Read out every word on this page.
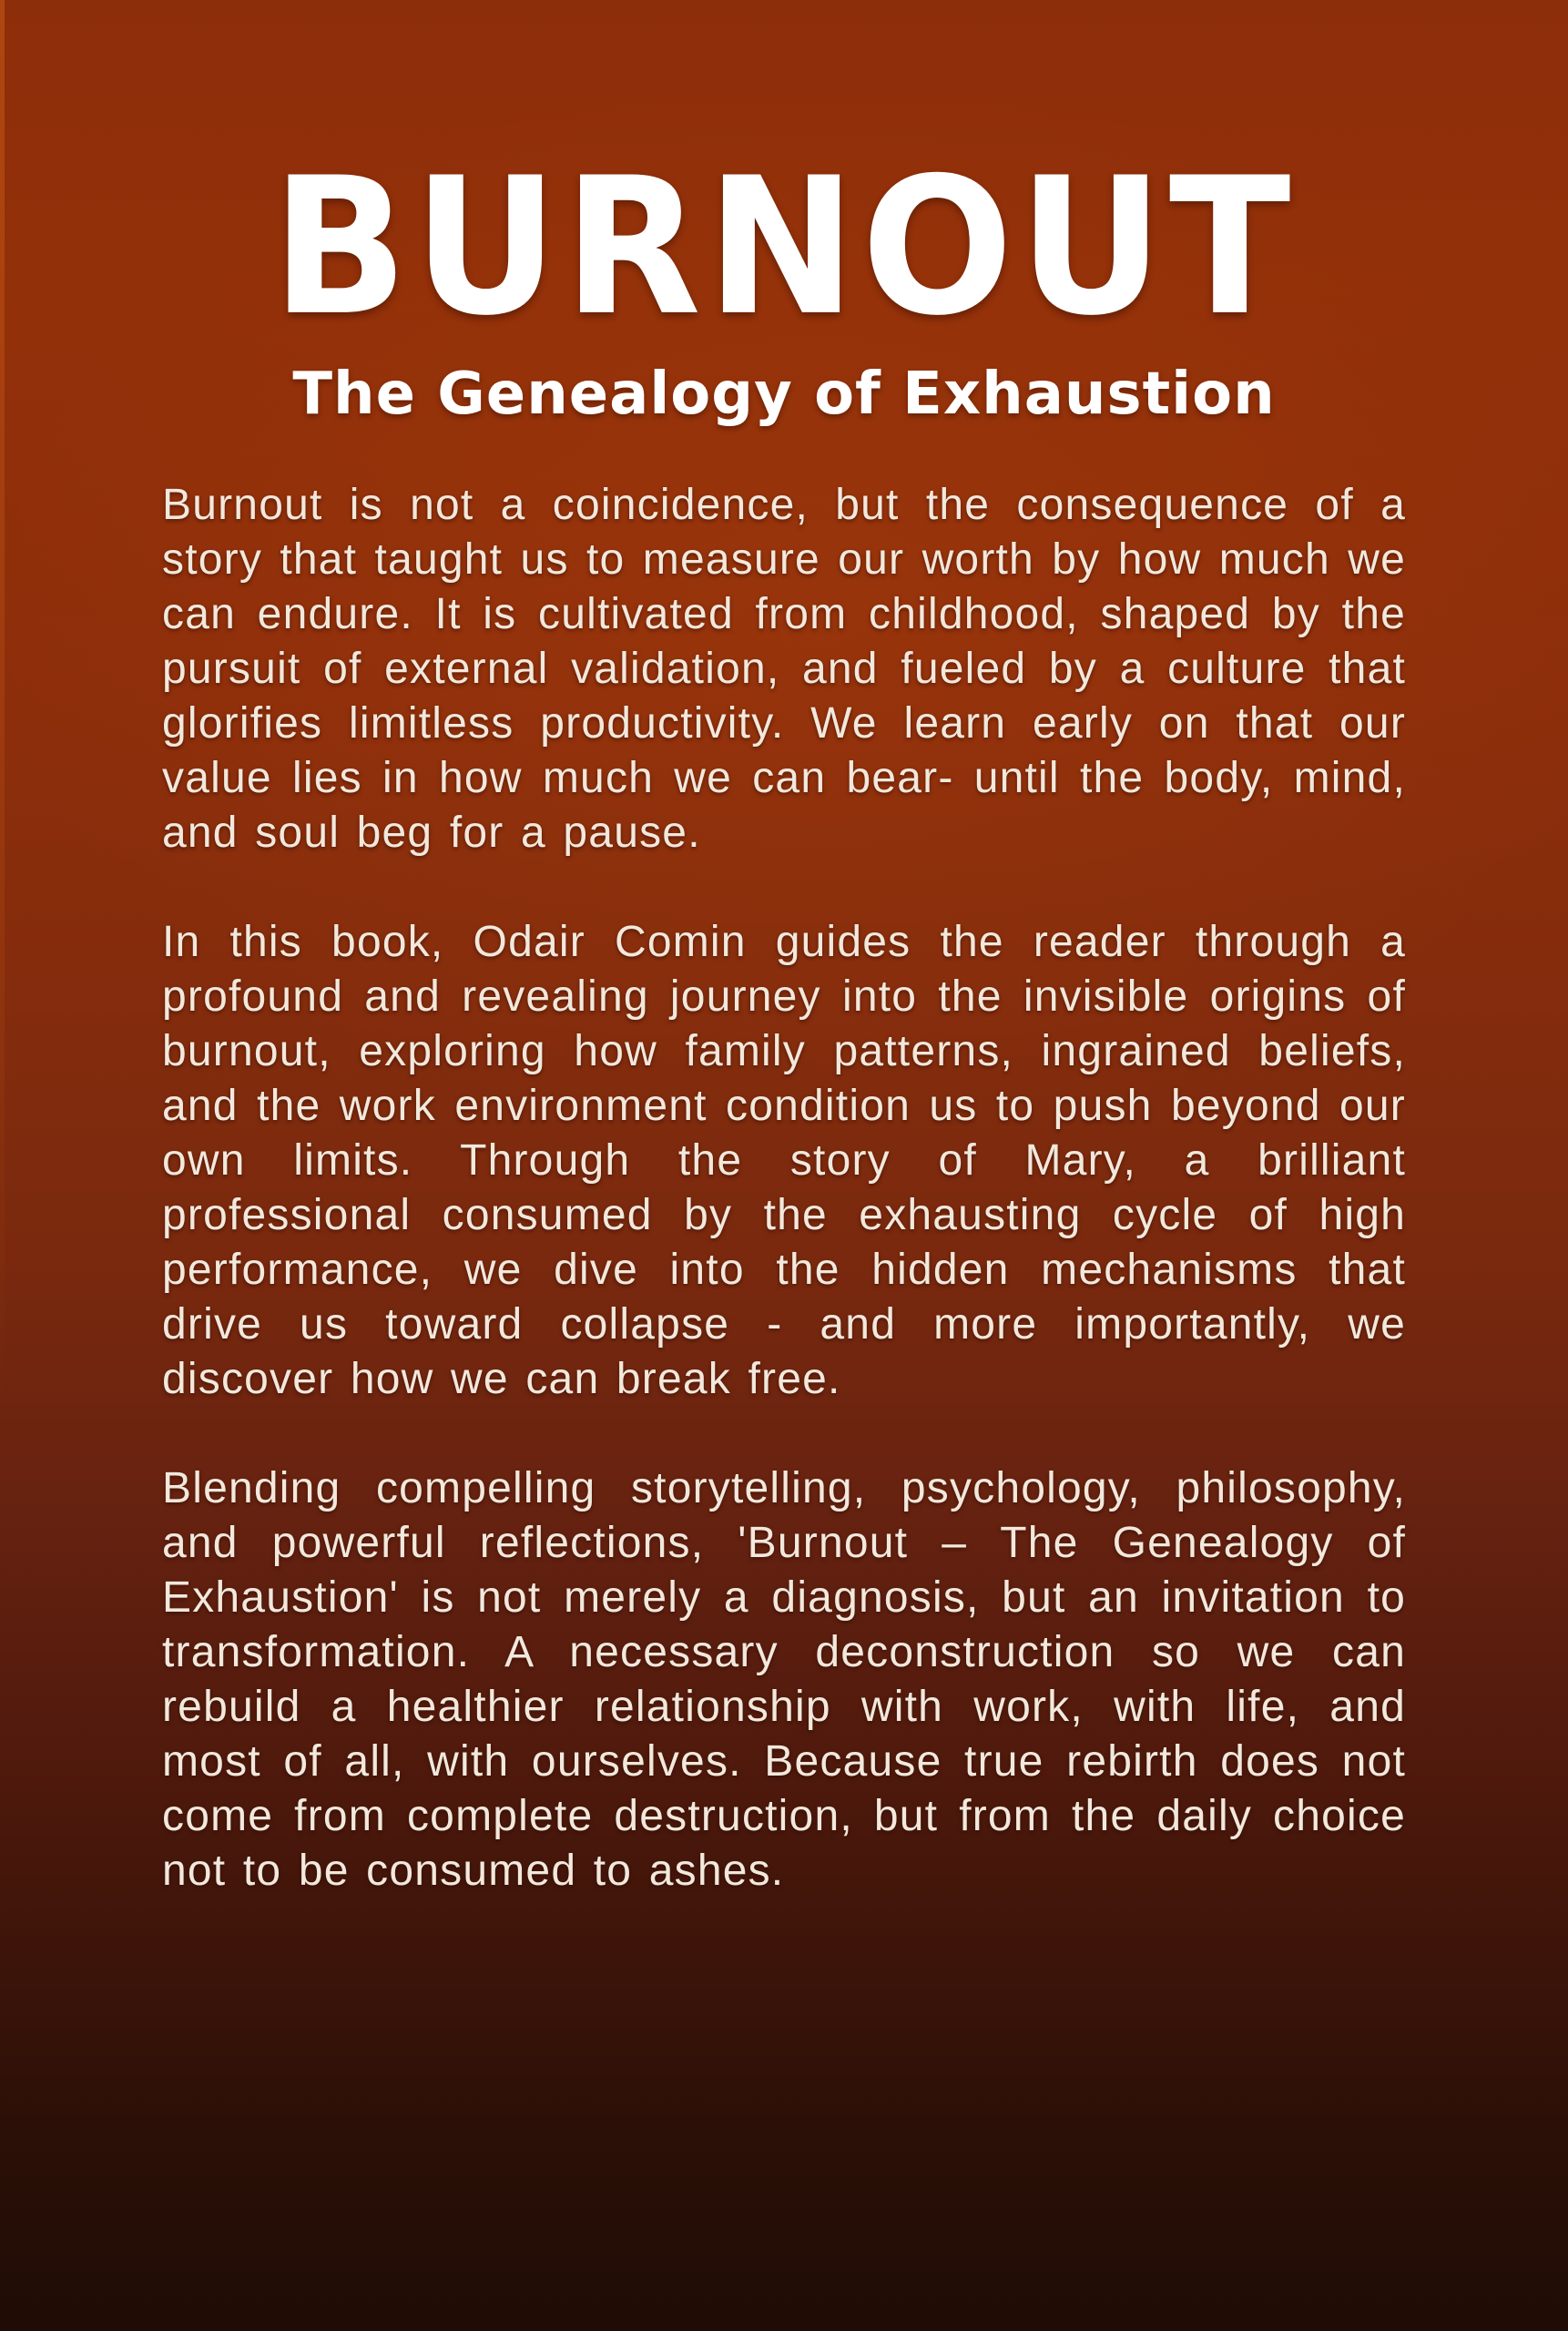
BURNOUT
The Genealogy of Exhaustion

Burnout is not a coincidence, but the consequence of a story that taught us to measure our worth by how much we can endure. It is cultivated from childhood, shaped by the pursuit of external validation, and fueled by a culture that glorifies limitless productivity. We learn early on that our value lies in how much we can bear- until the body, mind, and soul beg for a pause.

In this book, Odair Comin guides the reader through a profound and revealing journey into the invisible origins of burnout, exploring how family patterns, ingrained beliefs, and the work environment condition us to push beyond our own limits. Through the story of Mary, a brilliant professional consumed by the exhausting cycle of high performance, we dive into the hidden mechanisms that drive us toward collapse - and more importantly, we discover how we can break free.

Blending compelling storytelling, psychology, philosophy, and powerful reflections, 'Burnout – The Genealogy of Exhaustion' is not merely a diagnosis, but an invitation to transformation. A necessary deconstruction so we can rebuild a healthier relationship with work, with life, and most of all, with ourselves. Because true rebirth does not come from complete destruction, but from the daily choice not to be consumed to ashes.
